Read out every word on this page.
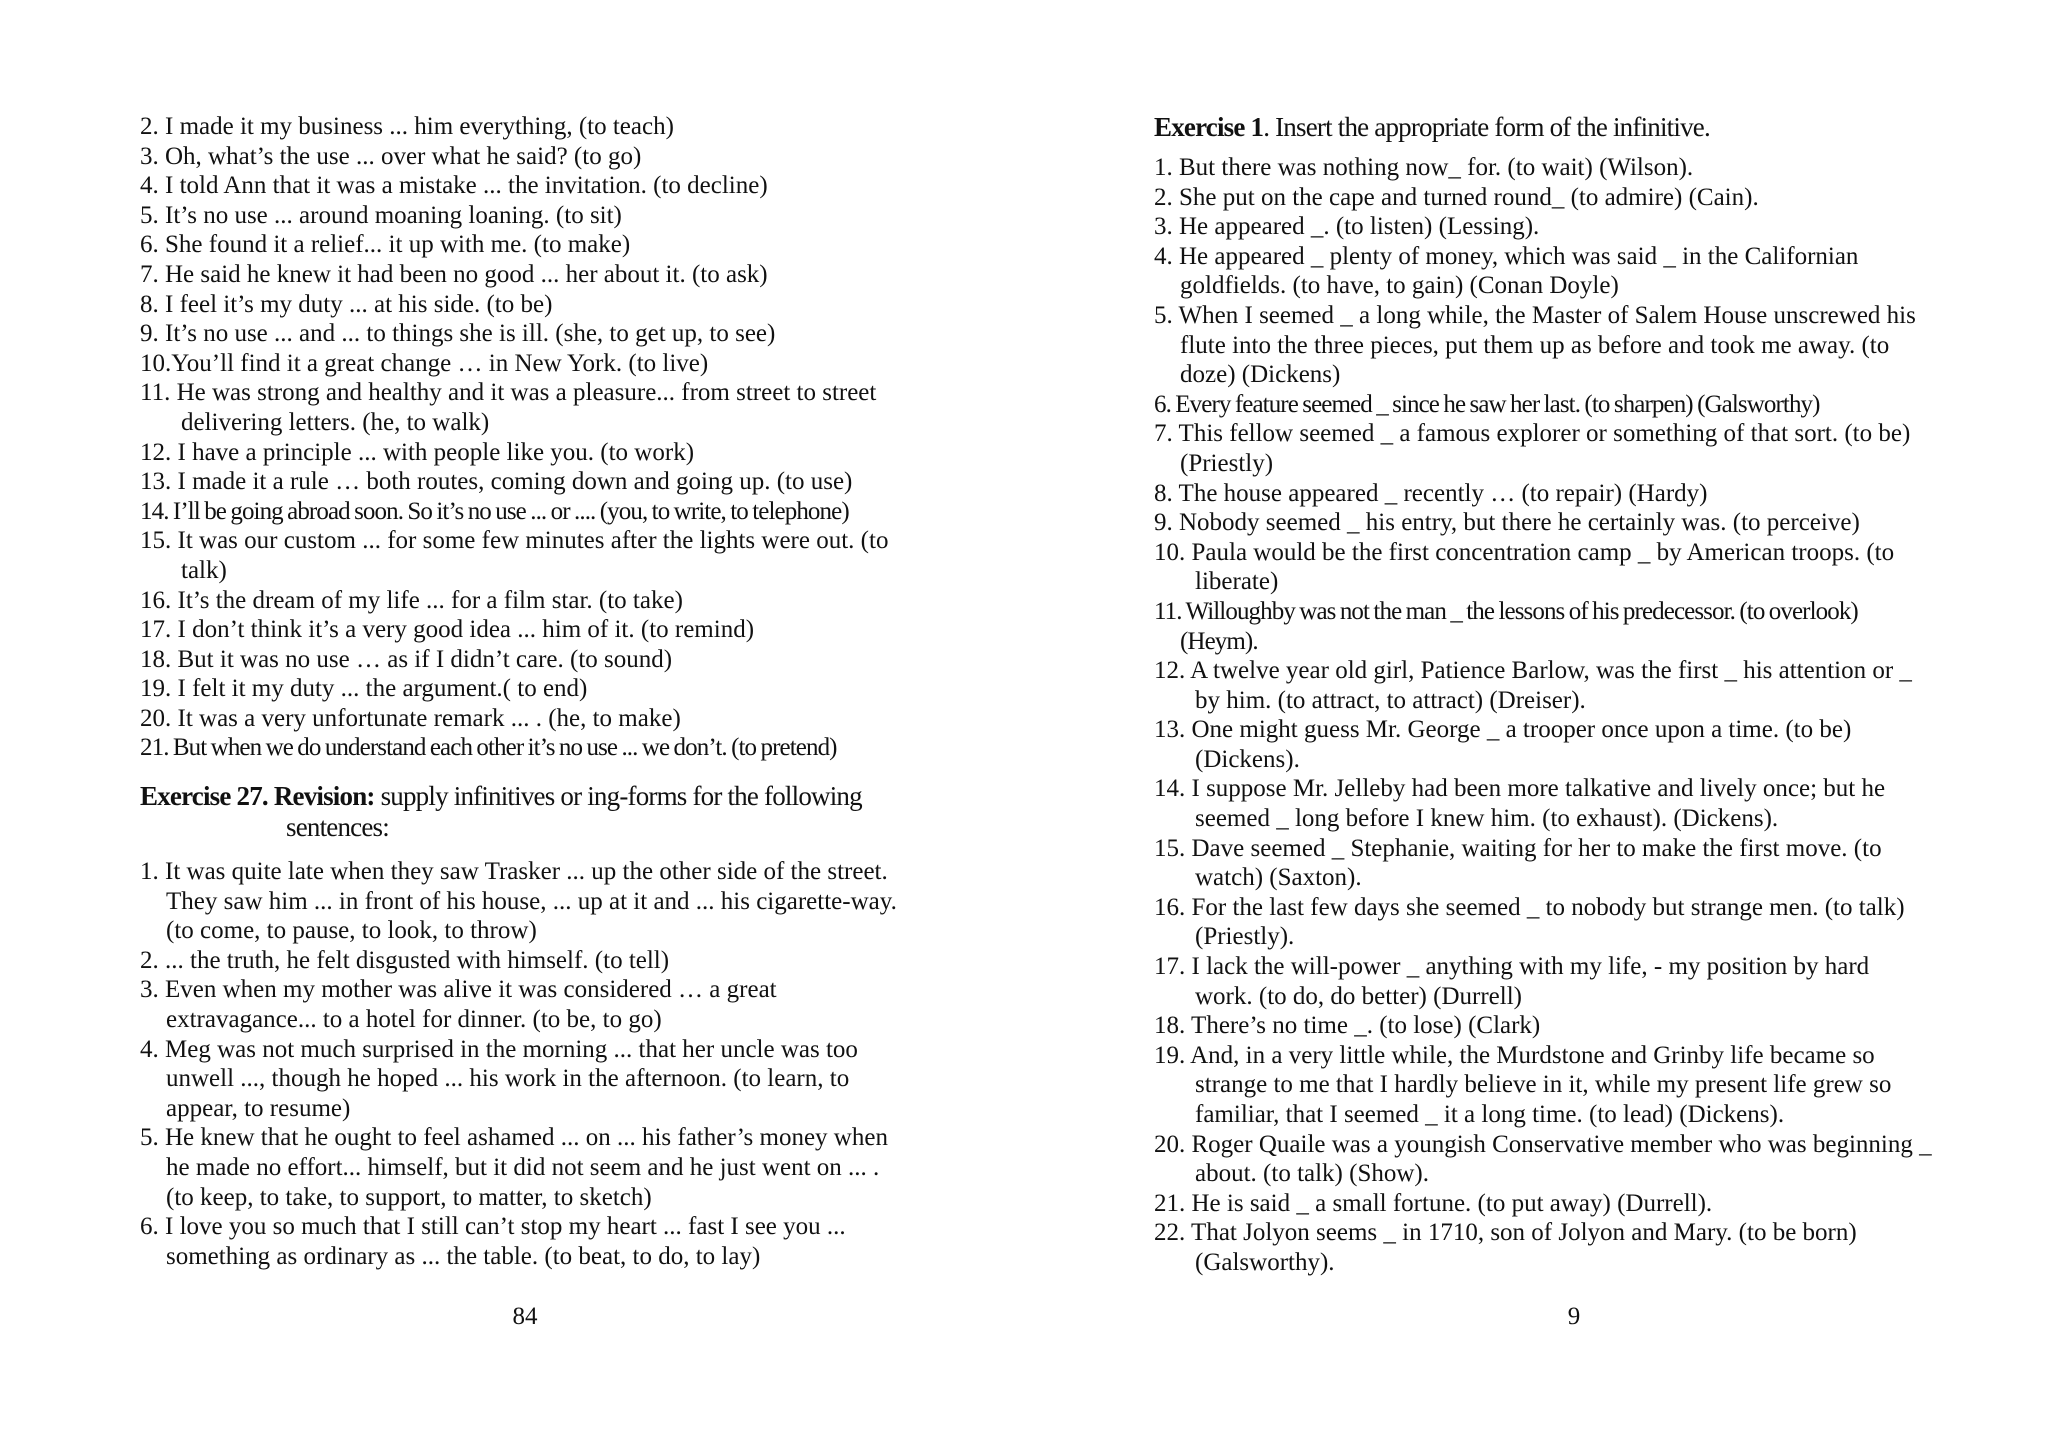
2. I made it my business ... him everything, (to teach)
3. Oh, what’s the use ... over what he said? (to go)
4. I told Ann that it was a mistake ... the invitation. (to decline)
5. It’s no use ... around moaning loaning. (to sit)
6. She found it a relief... it up with me. (to make)
7. He said he knew it had been no good ... her about it. (to ask)
8. I feel it’s my duty ... at his side. (to be)
9. It’s no use ... and ... to things she is ill. (she, to get up, to see)
10.You’ll find it a great change … in New York. (to live)
11. He was strong and healthy and it was a pleasure... from street to street delivering letters. (he, to walk)
12. I have a principle ... with people like you. (to work)
13. I made it a rule … both routes, coming down and going up. (to use)
14. I’ll be going abroad soon. So it’s no use ... or .... (you, to write, to telephone)
15. It was our custom ... for some few minutes after the lights were out. (to talk)
16. It’s the dream of my life ... for a film star. (to take)
17. I don’t think it’s a very good idea ... him of it. (to remind)
18. But it was no use … as if I didn’t care. (to sound)
19. I felt it my duty ... the argument.( to end)
20. It was a very unfortunate remark ... . (he, to make)
21. But when we do understand each other it’s no use ... we don’t. (to pretend)
Exercise 27. Revision: supply infinitives or ing-forms for the following
sentences:
1. It was quite late when they saw Trasker ... up the other side of the street. They saw him ... in front of his house, ... up at it and ... his cigarette-way. (to come, to pause, to look, to throw)
2. ... the truth, he felt disgusted with himself. (to tell)
3. Even when my mother was alive it was considered … a great extravagance... to a hotel for dinner. (to be, to go)
4. Meg was not much surprised in the morning ... that her uncle was too unwell ..., though he hoped ... his work in the afternoon. (to learn, to appear, to resume)
5. He knew that he ought to feel ashamed ... on ... his father’s money when he made no effort... himself, but it did not seem and he just went on ... . (to keep, to take, to support, to matter, to sketch)
6. I love you so much that I still can’t stop my heart ... fast I see you ... something as ordinary as ... the table. (to beat, to do, to lay)
84
Exercise 1. Insert the appropriate form of the infinitive.
1. But there was nothing now_ for. (to wait) (Wilson).
2. She put on the cape and turned round_ (to admire) (Cain).
3. He appeared _. (to listen) (Lessing).
4. He appeared _ plenty of money, which was said _ in the Californian goldfields. (to have, to gain) (Conan Doyle)
5. When I seemed _ a long while, the Master of Salem House unscrewed his flute into the three pieces, put them up as before and took me away. (to doze) (Dickens)
6. Every feature seemed _ since he saw her last. (to sharpen) (Galsworthy)
7. This fellow seemed _ a famous explorer or something of that sort. (to be) (Priestly)
8. The house appeared _ recently … (to repair) (Hardy)
9. Nobody seemed _ his entry, but there he certainly was. (to perceive)
10. Paula would be the first concentration camp _ by American troops. (to liberate)
11. Willoughby was not the man _ the lessons of his predecessor. (to overlook) (Heym).
12. A twelve year old girl, Patience Barlow, was the first _ his attention or _ by him. (to attract, to attract) (Dreiser).
13. One might guess Mr. George _ a trooper once upon a time. (to be) (Dickens).
14. I suppose Mr. Jelleby had been more talkative and lively once; but he seemed _ long before I knew him. (to exhaust). (Dickens).
15. Dave seemed _ Stephanie, waiting for her to make the first move. (to watch) (Saxton).
16. For the last few days she seemed _ to nobody but strange men. (to talk) (Priestly).
17. I lack the will-power _ anything with my life, - my position by hard work. (to do, do better) (Durrell)
18. There’s no time _. (to lose) (Clark)
19. And, in a very little while, the Murdstone and Grinby life became so strange to me that I hardly believe in it, while my present life grew so familiar, that I seemed _ it a long time. (to lead) (Dickens).
20. Roger Quaile was a youngish Conservative member who was beginning _ about. (to talk) (Show).
21. He is said _ a small fortune. (to put away) (Durrell).
22. That Jolyon seems _ in 1710, son of Jolyon and Mary. (to be born) (Galsworthy).
9
